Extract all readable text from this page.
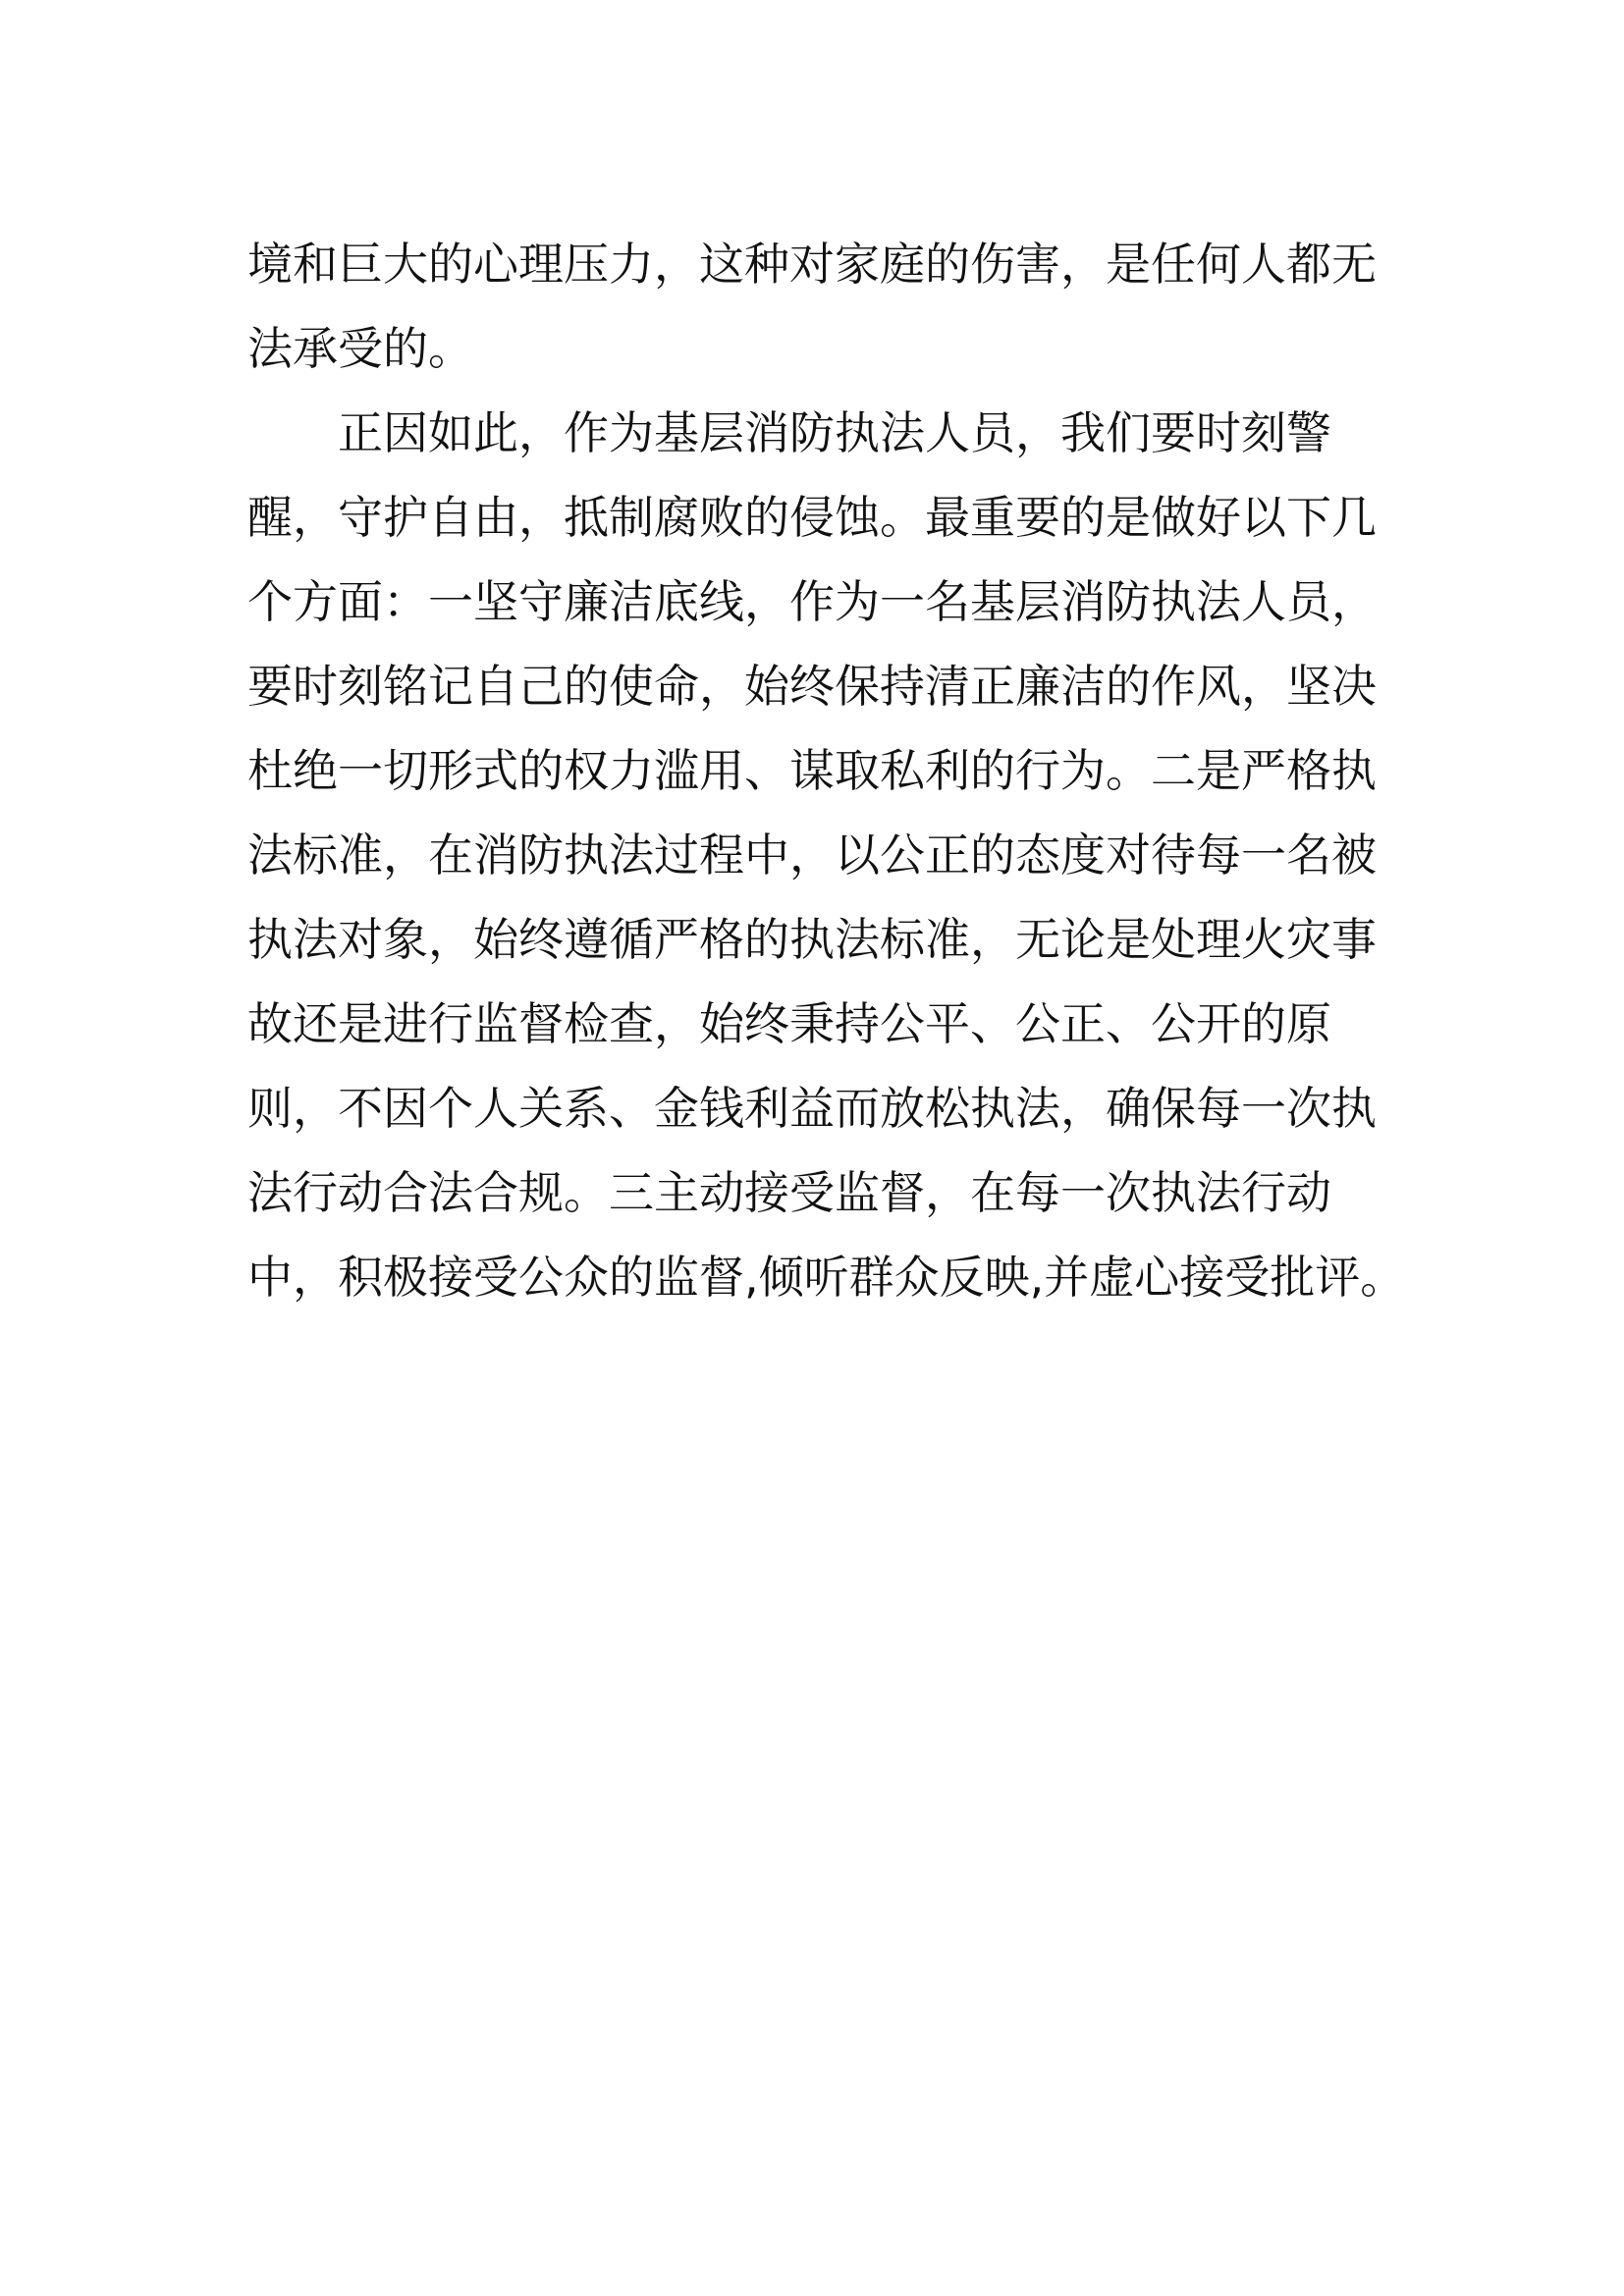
境和巨大的心理压力，这种对家庭的伤害，是任何人都无
法承受的。
正因如此，作为基层消防执法人员，我们要时刻警
醒，守护自由，抵制腐败的侵蚀。最重要的是做好以下几
个方面：一坚守廉洁底线，作为一名基层消防执法人员，
要时刻铭记自己的使命，始终保持清正廉洁的作风，坚决
杜绝一切形式的权力滥用、谋取私利的行为。二是严格执
法标准，在消防执法过程中，以公正的态度对待每一名被
执法对象，始终遵循严格的执法标准，无论是处理火灾事
故还是进行监督检查，始终秉持公平、公正、公开的原
则，不因个人关系、金钱利益而放松执法，确保每一次执
法行动合法合规。三主动接受监督，在每一次执法行动
中，积极接受公众的监督,倾听群众反映,并虚心接受批评。
